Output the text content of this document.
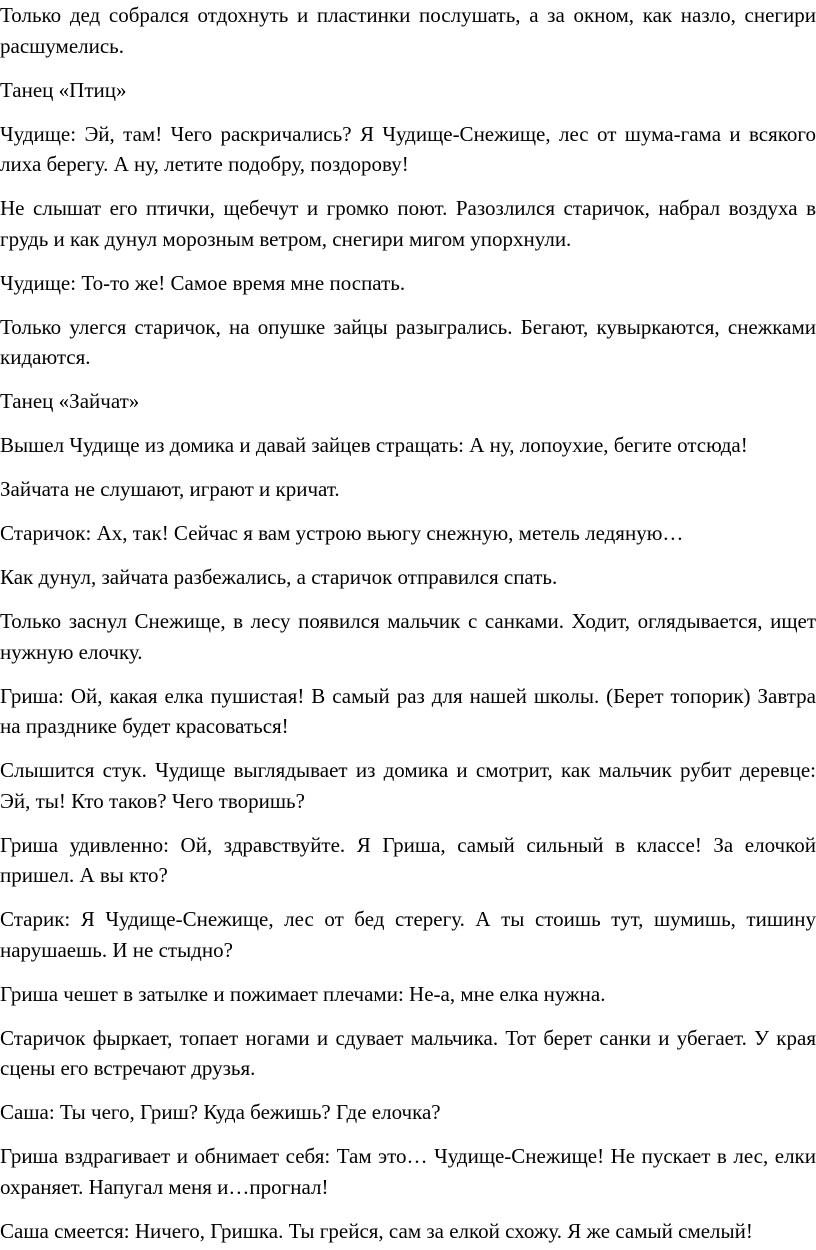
Только дед собрался отдохнуть и пластинки послушать, а за окном, как назло, снегири расшумелись.

Танец «Птиц»

Чудище: Эй, там! Чего раскричались? Я Чудище-Снежище, лес от шума-гама и всякого лиха берегу. А ну, летите подобру, поздорову!

Не слышат его птички, щебечут и громко поют. Разозлился старичок, набрал воздуха в грудь и как дунул морозным ветром, снегири мигом упорхнули.

Чудище: То-то же! Самое время мне поспать.

Только улегся старичок, на опушке зайцы разыгрались. Бегают, кувыркаются, снежками кидаются.

Танец «Зайчат»

Вышел Чудище из домика и давай зайцев стращать: А ну, лопоухие, бегите отсюда!

Зайчата не слушают, играют и кричат.

Старичок: Ах, так! Сейчас я вам устрою вьюгу снежную, метель ледяную…

Как дунул, зайчата разбежались, а старичок отправился спать.

Только заснул Снежище, в лесу появился мальчик с санками. Ходит, оглядывается, ищет нужную елочку.

Гриша: Ой, какая елка пушистая! В самый раз для нашей школы. (Берет топорик) Завтра на празднике будет красоваться!

Слышится стук. Чудище выглядывает из домика и смотрит, как мальчик рубит деревце: Эй, ты! Кто таков? Чего творишь?

Гриша удивленно: Ой, здравствуйте. Я Гриша, самый сильный в классе! За елочкой пришел. А вы кто?

Старик: Я Чудище-Снежище, лес от бед стерегу. А ты стоишь тут, шумишь, тишину нарушаешь. И не стыдно?

Гриша чешет в затылке и пожимает плечами: Не-а, мне елка нужна.

Старичок фыркает, топает ногами и сдувает мальчика. Тот берет санки и убегает. У края сцены его встречают друзья.

Саша: Ты чего, Гриш? Куда бежишь? Где елочка?

Гриша вздрагивает и обнимает себя: Там это… Чудище-Снежище! Не пускает в лес, елки охраняет. Напугал меня и…прогнал!

Саша смеется: Ничего, Гришка. Ты грейся, сам за елкой схожу. Я же самый смелый!
